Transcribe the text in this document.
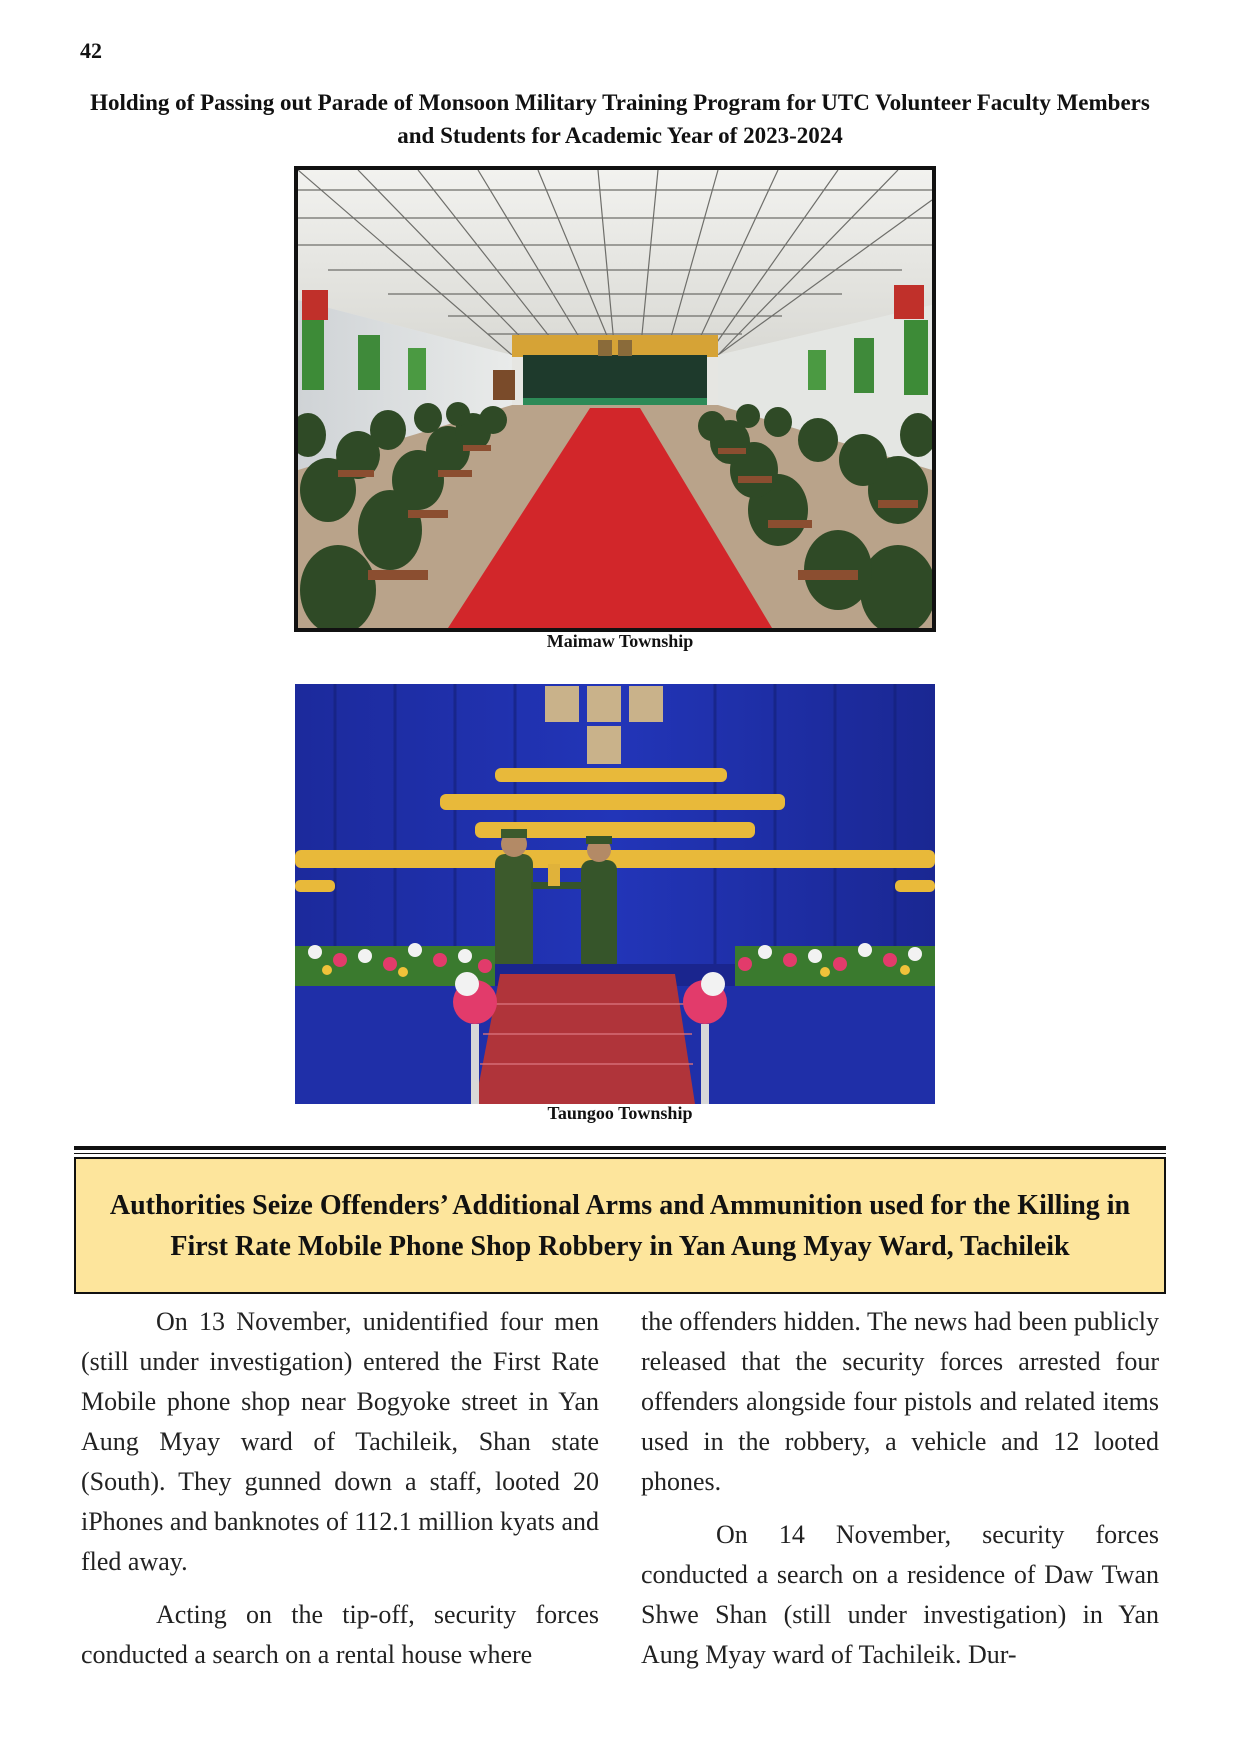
42
Holding of Passing out Parade of Monsoon Military Training Program for UTC Volunteer Faculty Members and Students for Academic Year of 2023-2024
Maimaw Township
Taungoo Township
Authorities Seize Offenders’ Additional Arms and Ammunition used for the Killing in First Rate Mobile Phone Shop Robbery in Yan Aung Myay Ward, Tachileik

On 13 November, unidentified four men (still under investigation) entered the First Rate Mobile phone shop near Bogyoke street in Yan Aung Myay ward of Tachileik, Shan state (South). They gunned down a staff, looted 20 iPhones and banknotes of 112.1 million kyats and fled away.

Acting on the tip-off, security forces conducted a search on a rental house where

the offenders hidden. The news had been publicly released that the security forces arrested four offenders alongside four pistols and related items used in the robbery, a vehicle and 12 looted phones.

On 14 November, security forces conducted a search on a residence of Daw Twan Shwe Shan (still under investigation) in Yan Aung Myay ward of Tachileik. Dur-
